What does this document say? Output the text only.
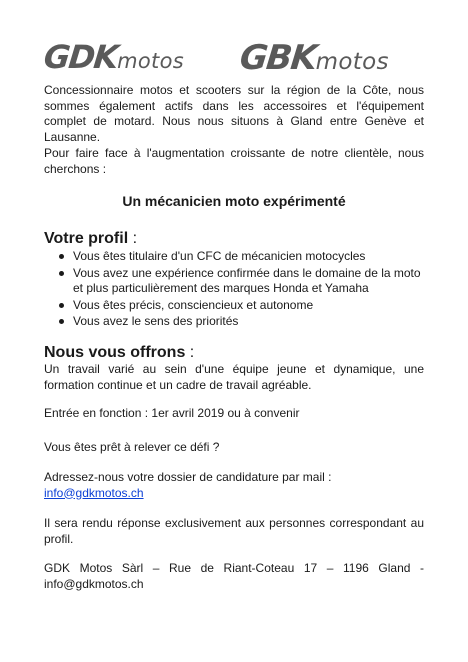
GDKmotos GBKmotos

Concessionnaire motos et scooters sur la région de la Côte, nous sommes également actifs dans les accessoires et l'équipement complet de motard. Nous nous situons à Gland entre Genève et Lausanne.

Pour faire face à l'augmentation croissante de notre clientèle, nous cherchons :

Un mécanicien moto expérimenté
Votre profil :
Vous êtes titulaire d'un CFC de mécanicien motocycles
Vous avez une expérience confirmée dans le domaine de la moto et plus particulièrement des marques Honda et Yamaha
Vous êtes précis, consciencieux et autonome
Vous avez le sens des priorités
Nous vous offrons :

Un travail varié au sein d'une équipe jeune et dynamique, une formation continue et un cadre de travail agréable.

Entrée en fonction : 1er avril 2019 ou à convenir

Vous êtes prêt à relever ce défi ?

Adressez-nous votre dossier de candidature par mail :
info@gdkmotos.ch

Il sera rendu réponse exclusivement aux personnes correspondant au profil.

GDK Motos Sàrl – Rue de Riant-Coteau 17 – 1196 Gland -
info@gdkmotos.ch
